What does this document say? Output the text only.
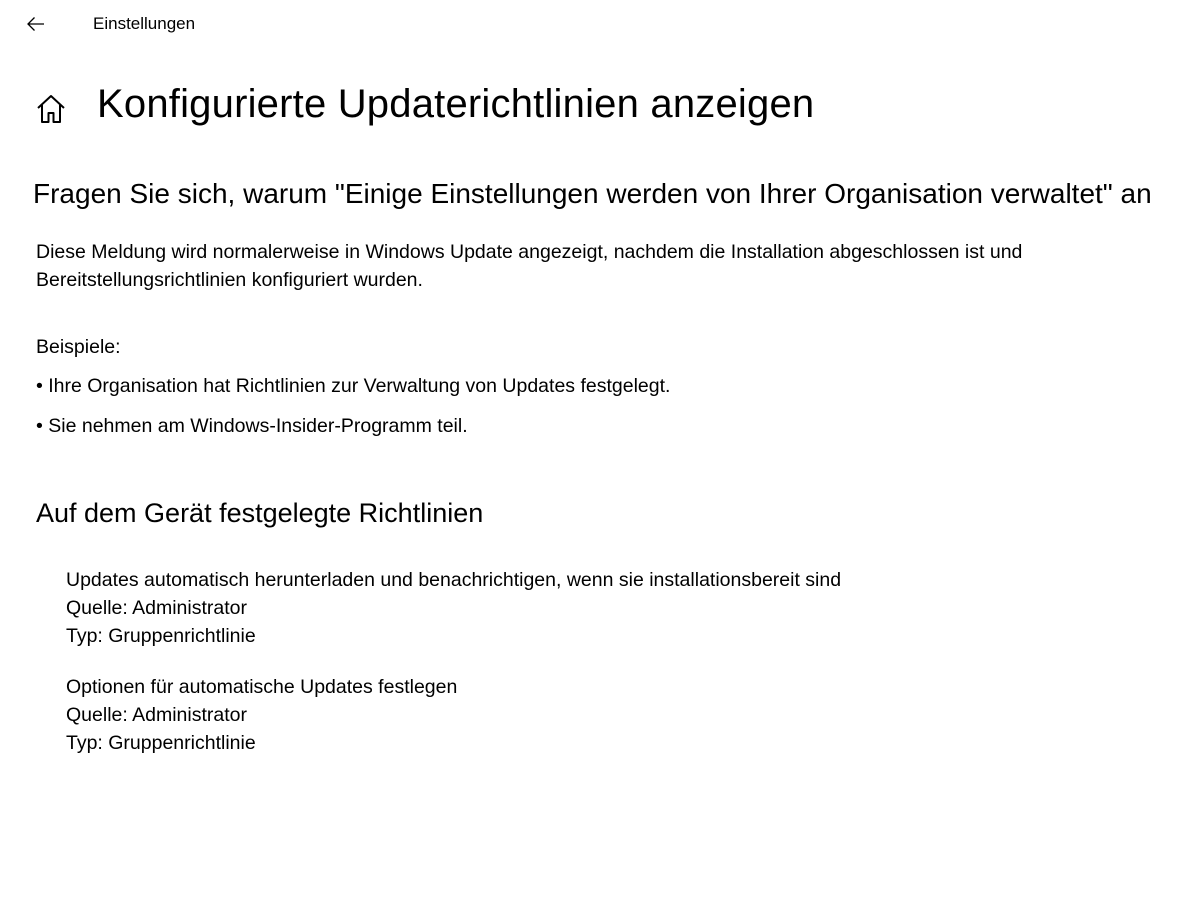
Einstellungen
Konfigurierte Updaterichtlinien anzeigen
Fragen Sie sich, warum "Einige Einstellungen werden von Ihrer Organisation verwaltet" an
Diese Meldung wird normalerweise in Windows Update angezeigt, nachdem die Installation abgeschlossen ist und Bereitstellungsrichtlinien konfiguriert wurden.
Beispiele:
• Ihre Organisation hat Richtlinien zur Verwaltung von Updates festgelegt.
• Sie nehmen am Windows-Insider-Programm teil.
Auf dem Gerät festgelegte Richtlinien
Updates automatisch herunterladen und benachrichtigen, wenn sie installationsbereit sind
Quelle: Administrator
Typ: Gruppenrichtlinie
Optionen für automatische Updates festlegen
Quelle: Administrator
Typ: Gruppenrichtlinie
